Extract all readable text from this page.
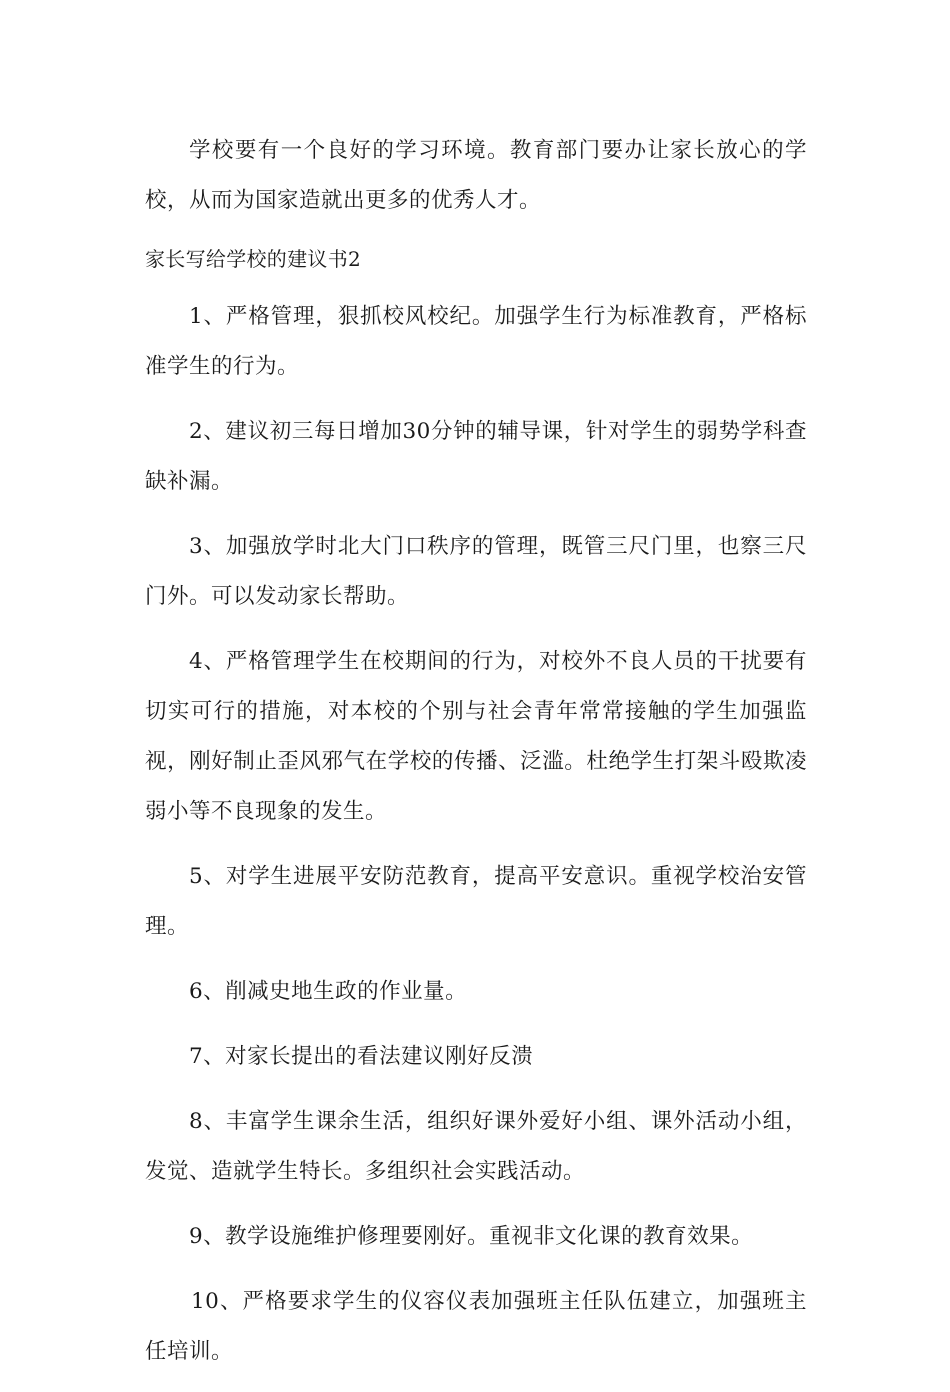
学校要有一个良好的学习环境。教育部门要办让家长放心的学校，从而为国家造就出更多的优秀人才。

家长写给学校的建议书2

1、严格管理，狠抓校风校纪。加强学生行为标准教育，严格标准学生的行为。

2、建议初三每日增加30分钟的辅导课，针对学生的弱势学科查缺补漏。

3、加强放学时北大门口秩序的管理，既管三尺门里，也察三尺门外。可以发动家长帮助。

4、严格管理学生在校期间的行为，对校外不良人员的干扰要有切实可行的措施，对本校的个别与社会青年常常接触的学生加强监视，刚好制止歪风邪气在学校的传播、泛滥。杜绝学生打架斗殴欺凌弱小等不良现象的发生。

5、对学生进展平安防范教育，提高平安意识。重视学校治安管理。

6、削减史地生政的作业量。

7、对家长提出的看法建议刚好反溃

8、丰富学生课余生活，组织好课外爱好小组、课外活动小组，发觉、造就学生特长。多组织社会实践活动。

9、教学设施维护修理要刚好。重视非文化课的教育效果。

10、严格要求学生的仪容仪表加强班主任队伍建立，加强班主任培训。
